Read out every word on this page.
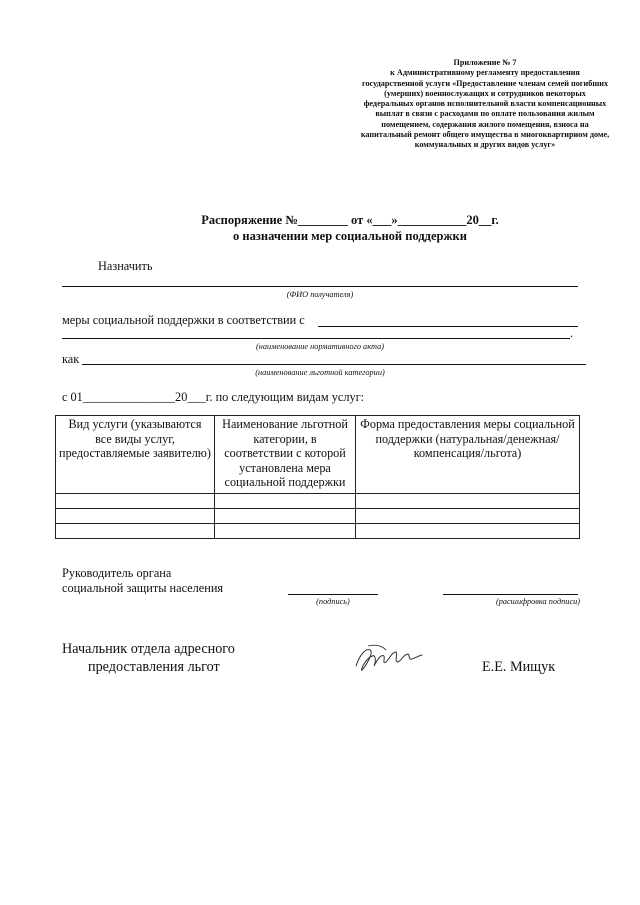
Приложение № 7
к Административному регламенту предоставления государственной услуги «Предоставление членам семей погибших (умерших) военнослужащих и сотрудников некоторых федеральных органов исполнительной власти компенсационных выплат в связи с расходами по оплате пользования жилым помещением, содержания жилого помещения, взноса на капитальный ремонт общего имущества в многоквартирном доме, коммунальных и других видов услуг»
Распоряжение №________ от «___»___________20__г.
о назначении мер социальной поддержки
Назначить
(ФИО получателя)
меры социальной поддержки в соответствии с
.
(наименование нормативного акта)
как
(наименование льготной категории)
с 01_______________20___г. по следующим видам услуг:
Вид услуги (указываются все виды услуг, предоставляемые заявителю)	Наименование льготной категории, в соответствии с которой установлена мера социальной поддержки	Форма предоставления меры социальной поддержки (натуральная/денежная/компенсация/льгота)

Руководитель органа
социальной защиты населения
(подпись)	(расшифровка подписи)
Начальник отдела адресного
предоставления льгот	Е.Е. Мищук
